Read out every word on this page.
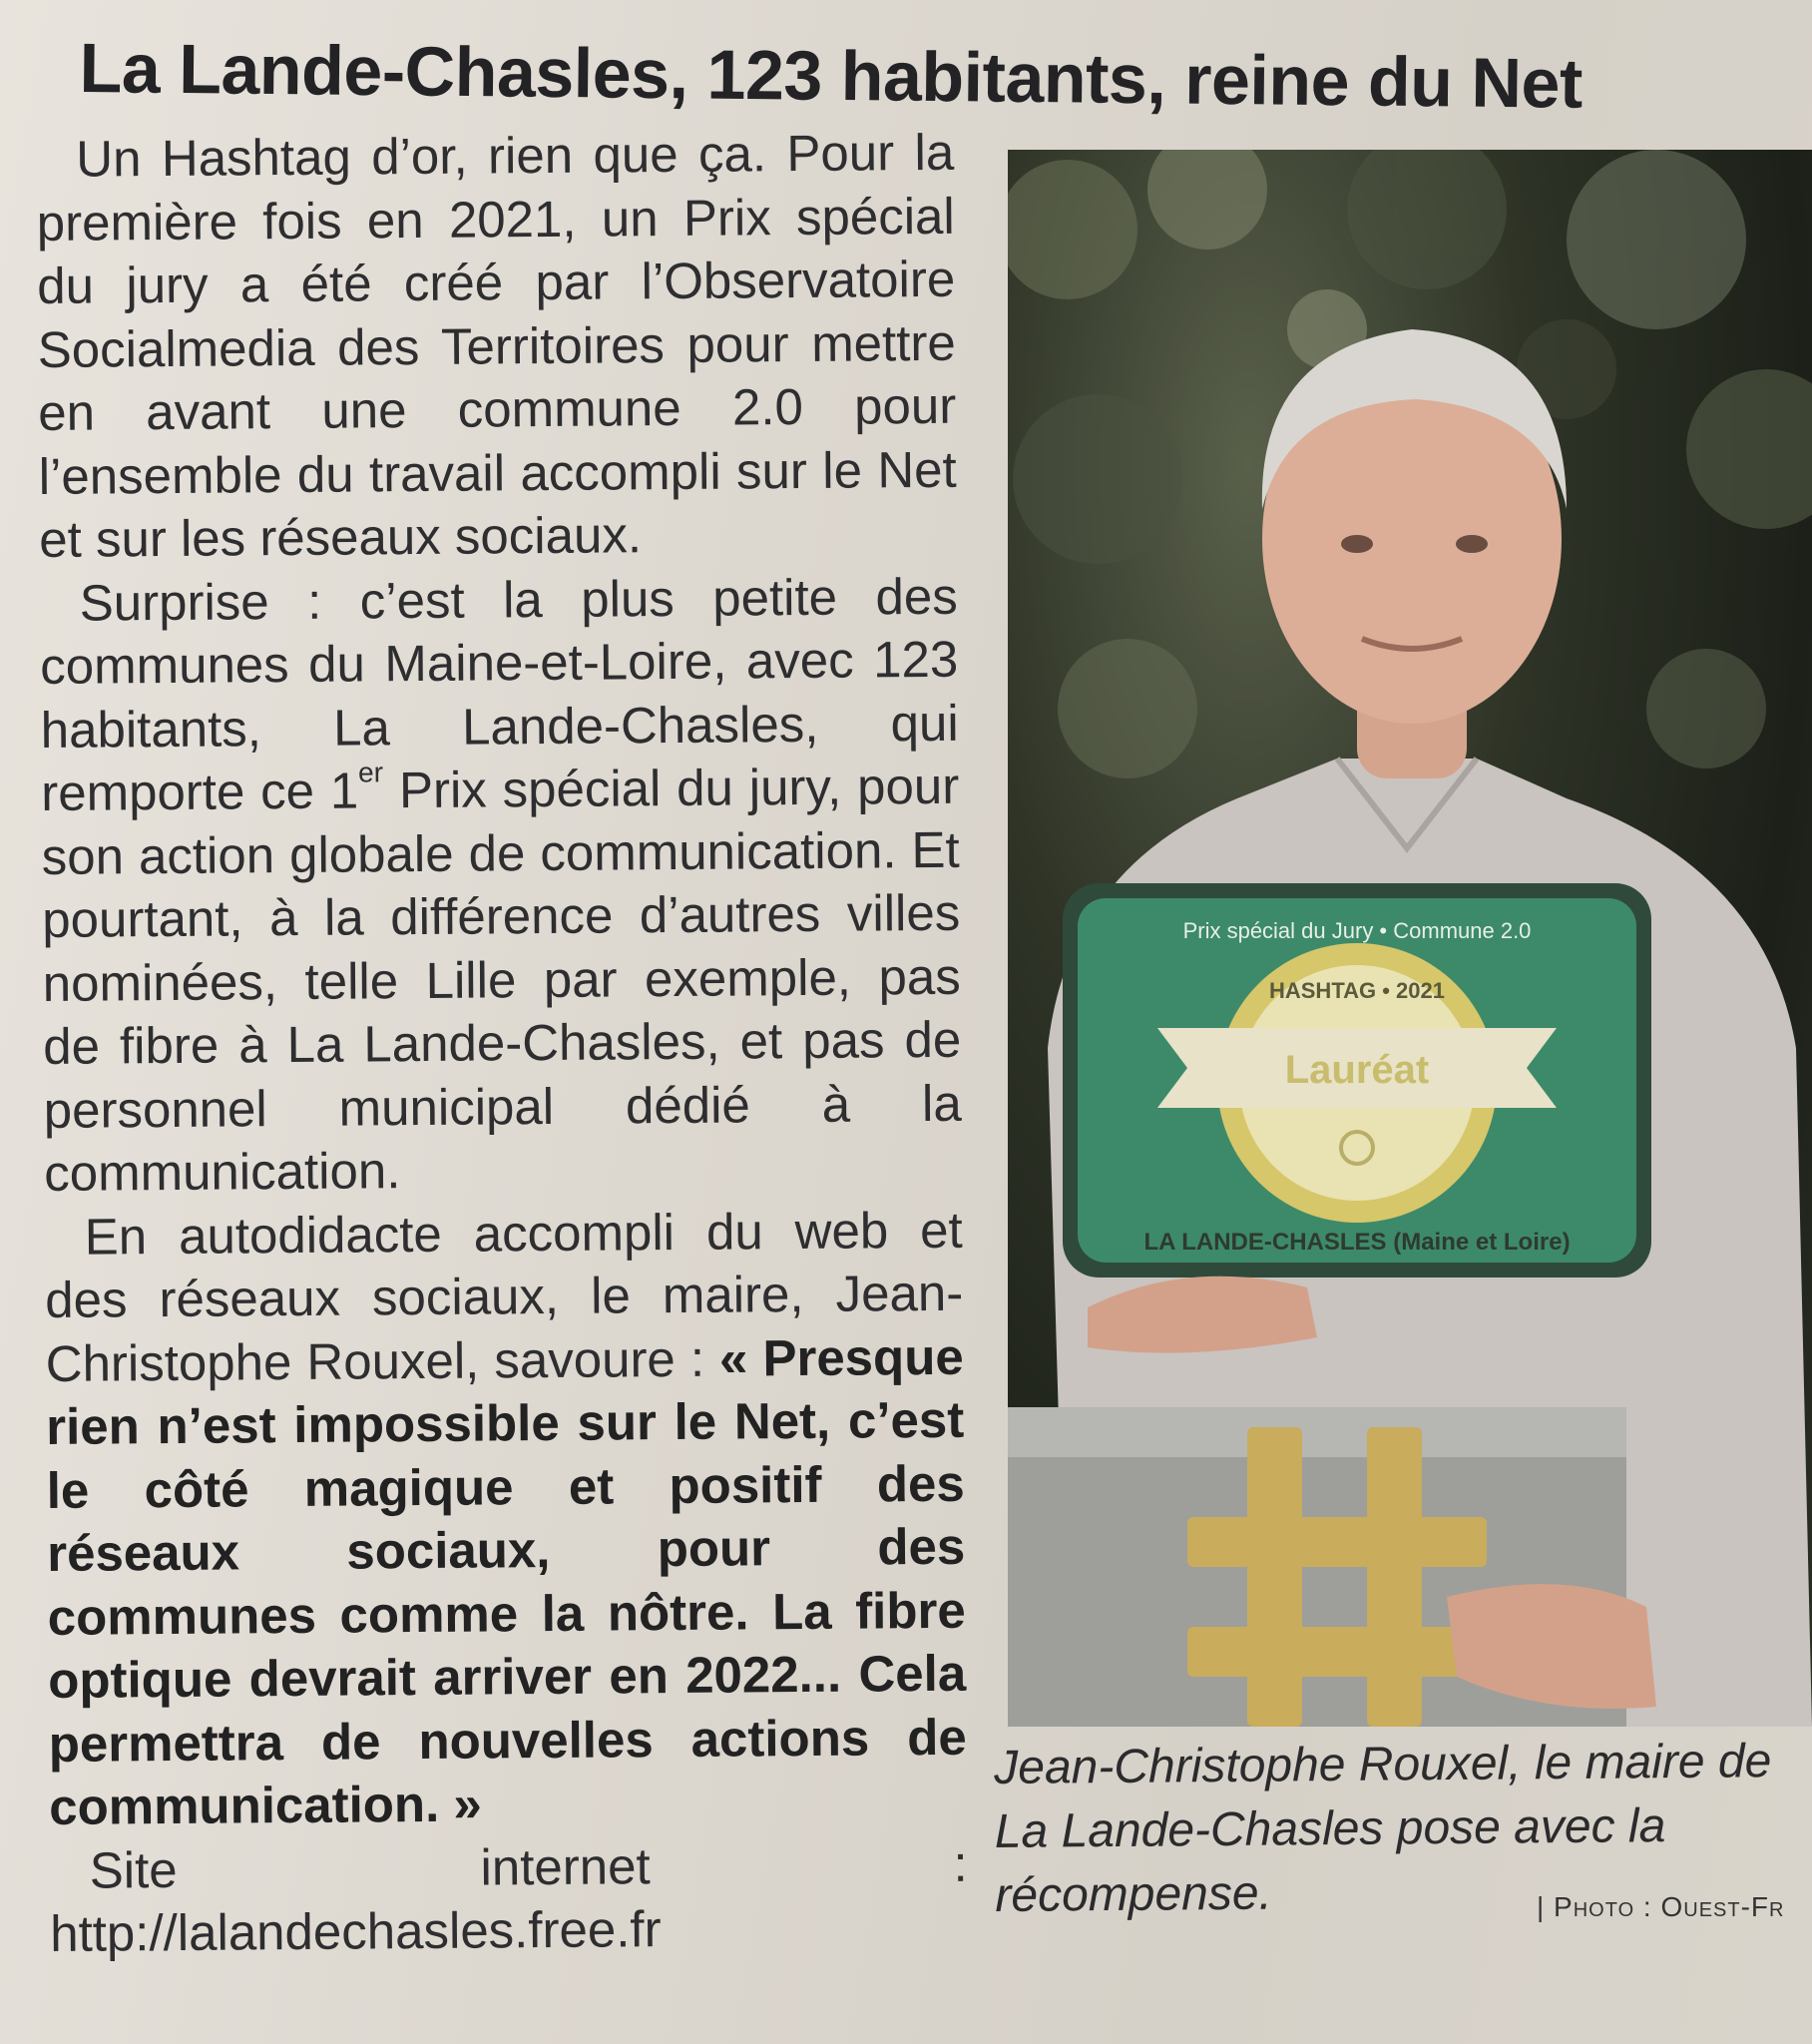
La Lande-Chasles, 123 habitants, reine du Net

Un Hashtag d’or, rien que ça. Pour la première fois en 2021, un Prix spécial du jury a été créé par l’Observatoire Socialmedia des Territoires pour mettre en avant une commune 2.0 pour l’ensemble du travail accompli sur le Net et sur les réseaux sociaux.

Surprise : c’est la plus petite des communes du Maine-et-Loire, avec 123 habitants, La Lande-Chasles, qui remporte ce 1er Prix spécial du jury, pour son action globale de communication. Et pourtant, à la différence d’autres villes nominées, telle Lille par exemple, pas de fibre à La Lande-Chasles, et pas de personnel municipal dédié à la communication.

En autodidacte accompli du web et des réseaux sociaux, le maire, Jean-Christophe Rouxel, savoure : « Presque rien n’est impossible sur le Net, c’est le côté magique et positif des réseaux sociaux, pour des communes comme la nôtre. La fibre optique devrait arriver en 2022... Cela permettra de nouvelles actions de communication. »

Site internet : http://lalandechasles.free.fr

Prix spécial du Jury • Commune 2.0
HASHTAG • 2021
Lauréat
LA LANDE-CHASLES (Maine et Loire)
Jean-Christophe Rouxel, le maire de La Lande-Chasles pose avec la récompense.	| Photo : Ouest-Fr
